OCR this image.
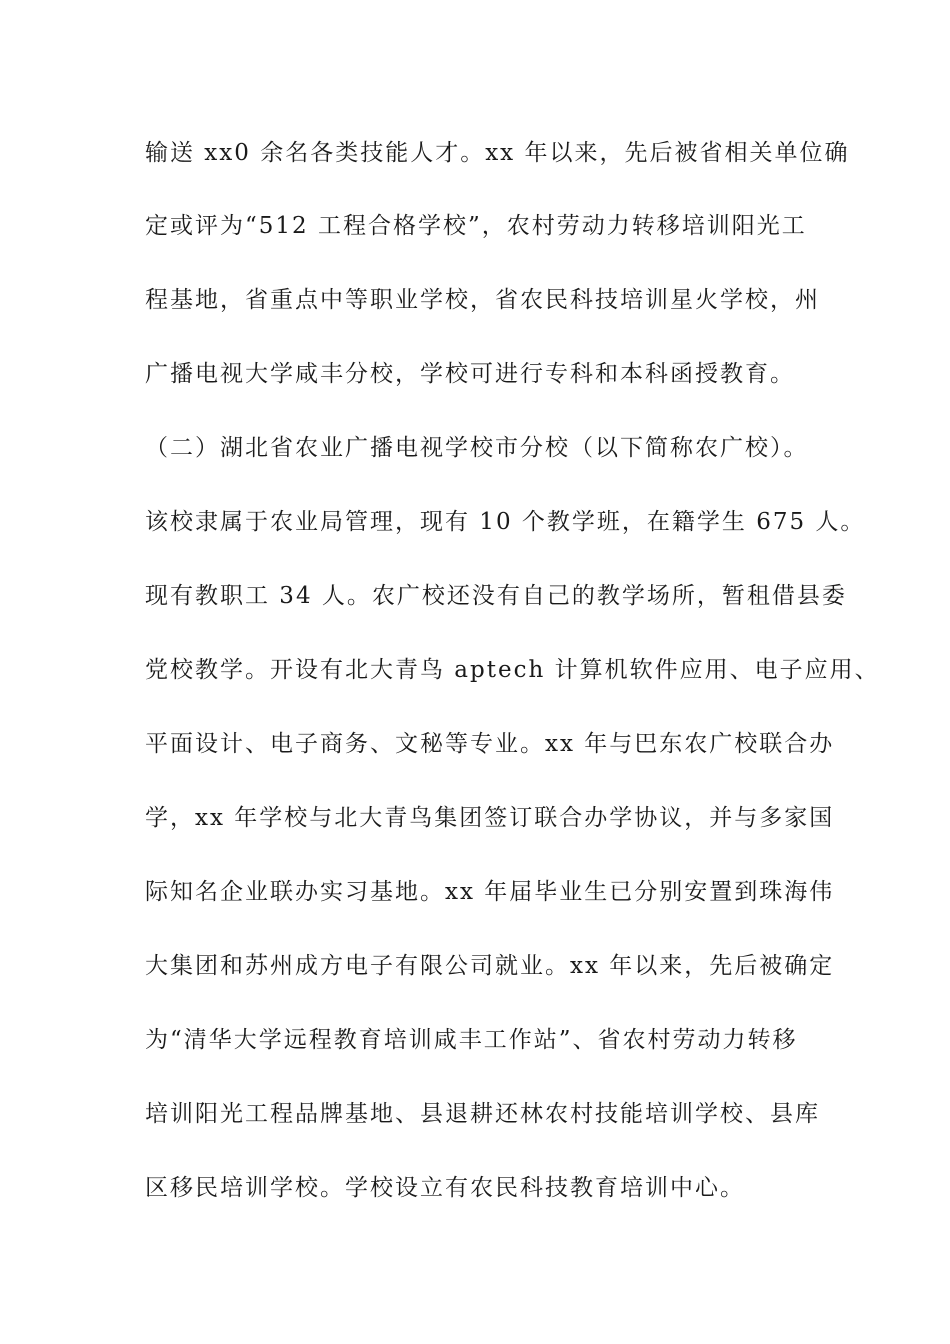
输送 xx0 余名各类技能人才。xx 年以来，先后被省相关单位确
定或评为“512 工程合格学校”，农村劳动力转移培训阳光工
程基地，省重点中等职业学校，省农民科技培训星火学校，州
广播电视大学咸丰分校，学校可进行专科和本科函授教育。
（二）湖北省农业广播电视学校市分校（以下简称农广校）。
该校隶属于农业局管理，现有 10 个教学班，在籍学生 675 人。
现有教职工 34 人。农广校还没有自己的教学场所，暂租借县委
党校教学。开设有北大青鸟 aptech 计算机软件应用、电子应用、
平面设计、电子商务、文秘等专业。xx 年与巴东农广校联合办
学，xx 年学校与北大青鸟集团签订联合办学协议，并与多家国
际知名企业联办实习基地。xx 年届毕业生已分别安置到珠海伟
大集团和苏州成方电子有限公司就业。xx 年以来，先后被确定
为“清华大学远程教育培训咸丰工作站”、省农村劳动力转移
培训阳光工程品牌基地、县退耕还林农村技能培训学校、县库
区移民培训学校。学校设立有农民科技教育培训中心。
